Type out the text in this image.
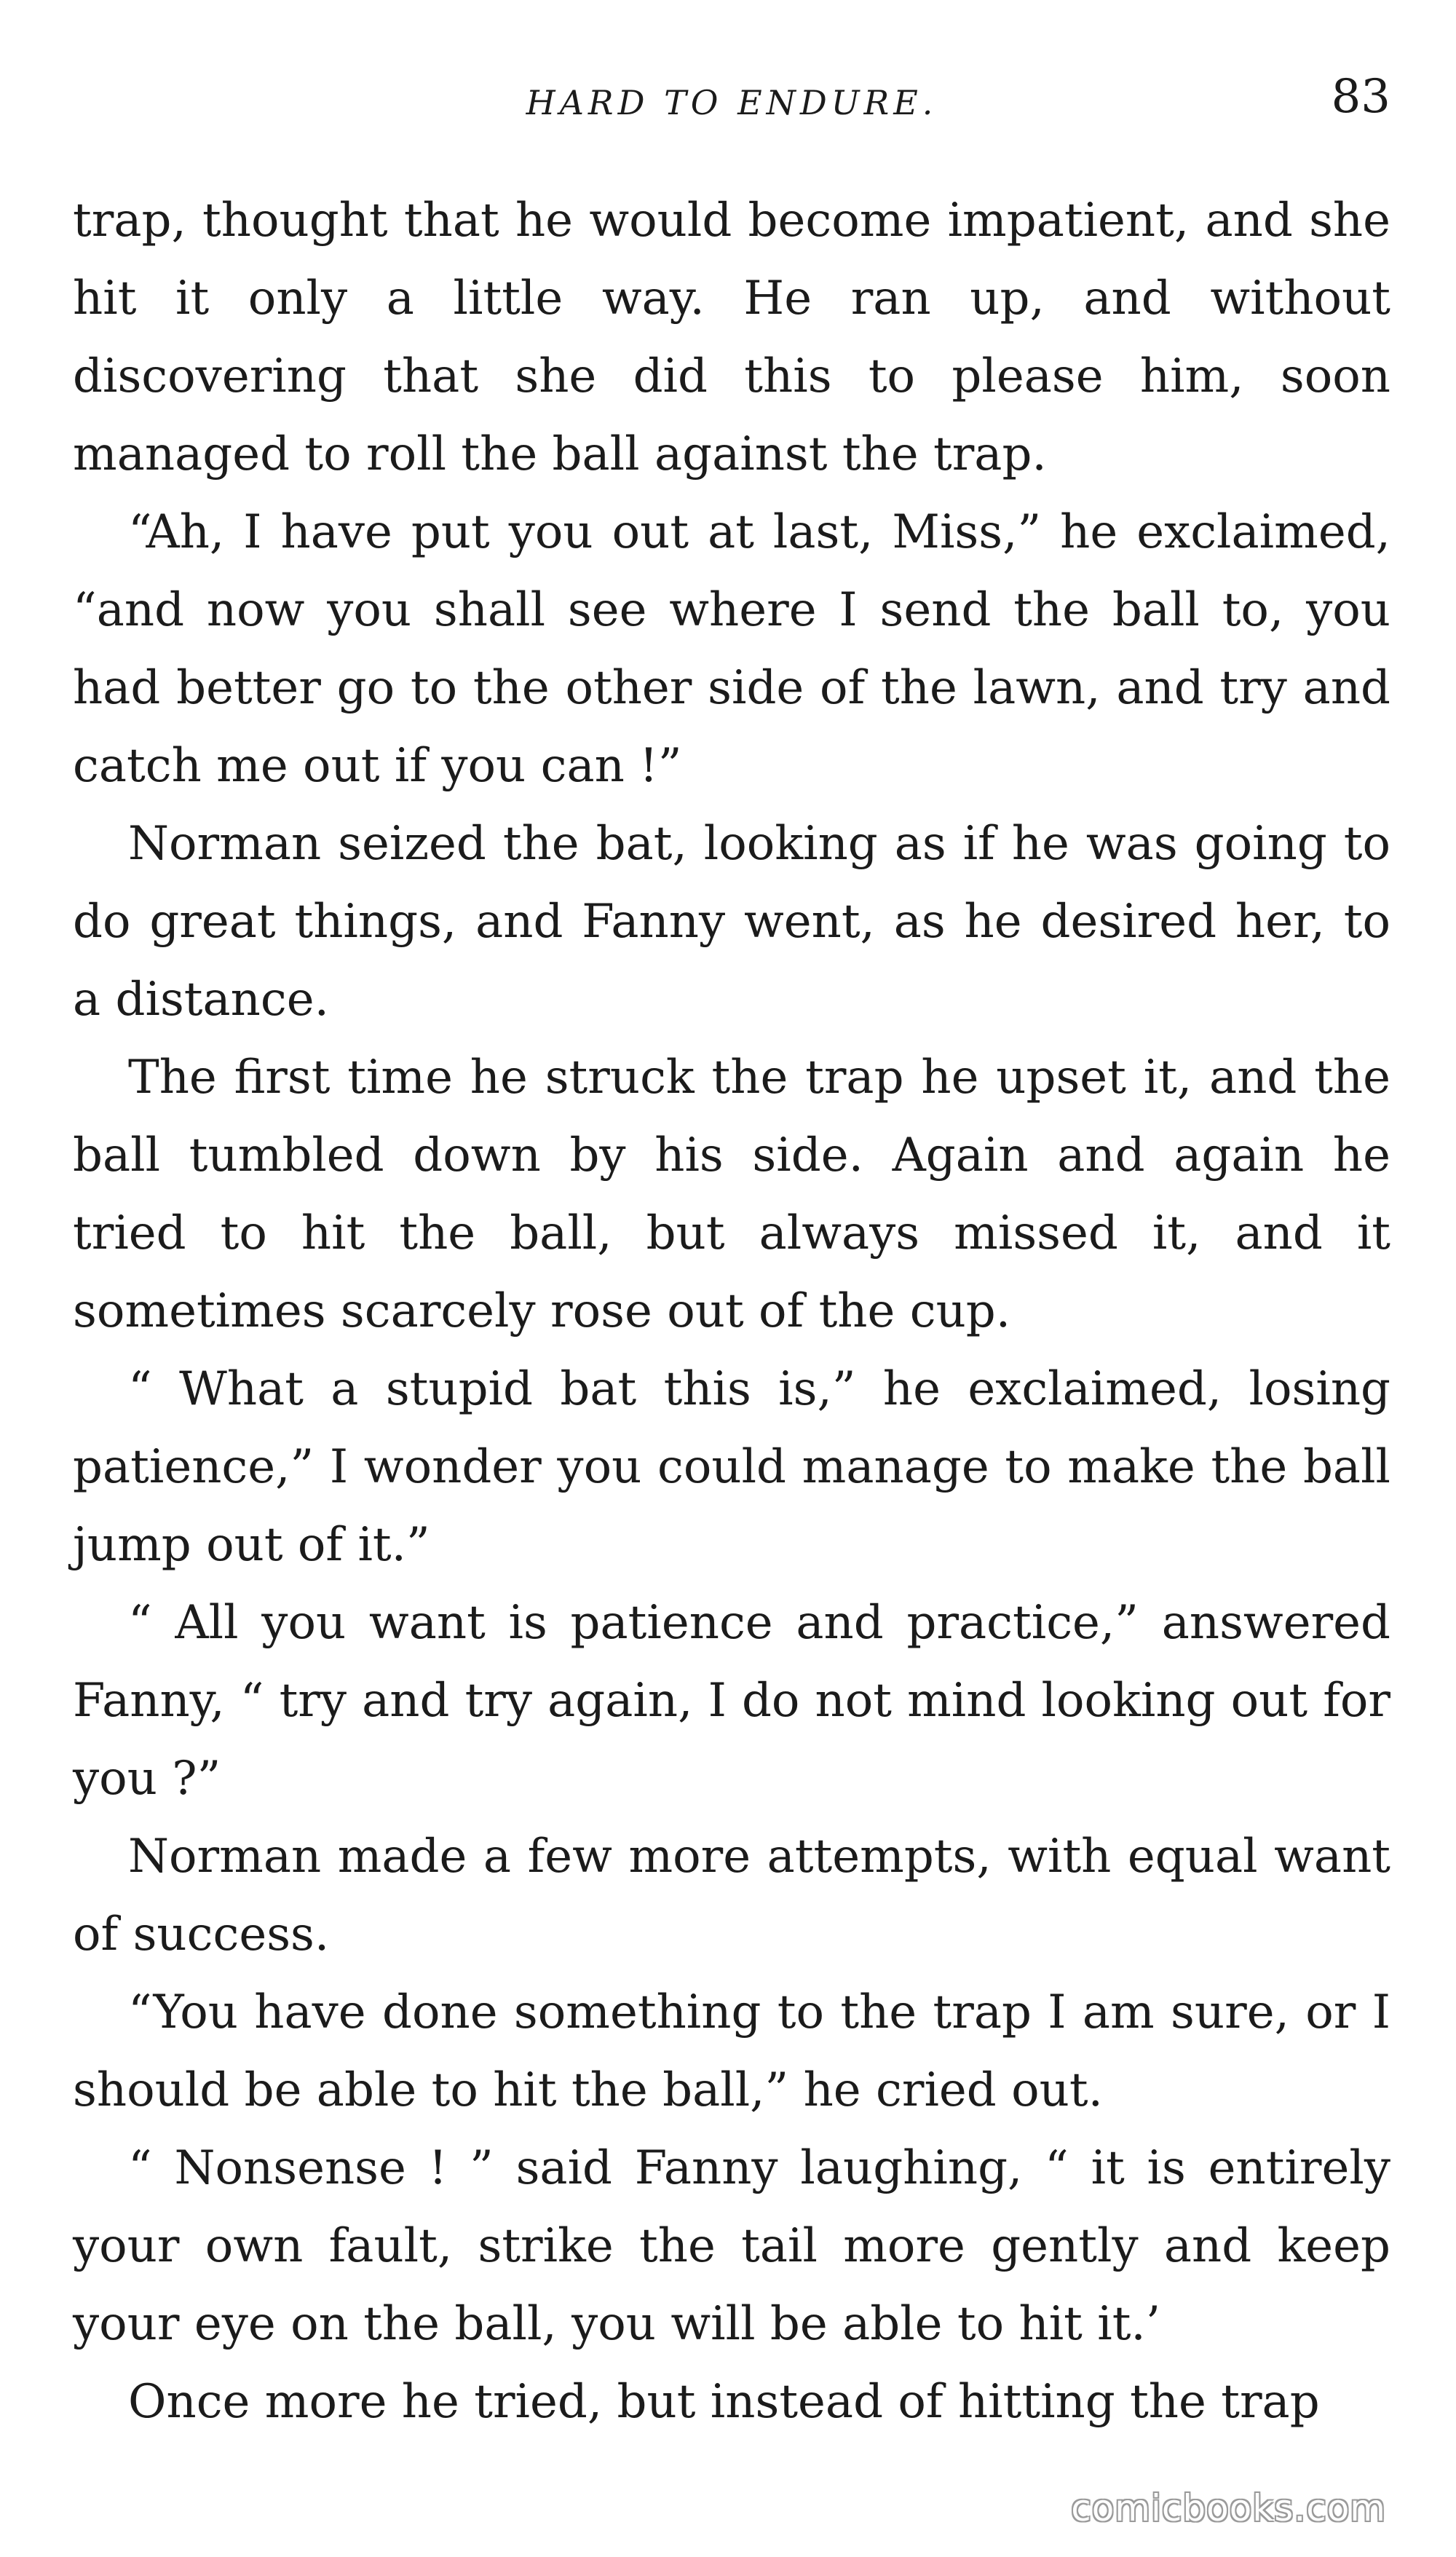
HARD TO ENDURE.	83

trap, thought that he would become impatient, and she hit it only a little way. He ran up, and without discovering that she did this to please him, soon managed to roll the ball against the trap.

“Ah, I have put you out at last, Miss,” he exclaimed, “and now you shall see where I send the ball to, you had better go to the other side of the lawn, and try and catch me out if you can !”

Norman seized the bat, looking as if he was going to do great things, and Fanny went, as he desired her, to a distance.

The first time he struck the trap he upset it, and the ball tumbled down by his side. Again and again he tried to hit the ball, but always missed it, and it sometimes scarcely rose out of the cup.

“ What a stupid bat this is,” he exclaimed, losing patience,” I wonder you could manage to make the ball jump out of it.”

“ All you want is patience and practice,” answered Fanny, “ try and try again, I do not mind looking out for you ?”

Norman made a few more attempts, with equal want of success.

“You have done something to the trap I am sure, or I should be able to hit the ball,” he cried out.

“ Nonsense ! ” said Fanny laughing, “ it is entirely your own fault, strike the tail more gently and keep your eye on the ball, you will be able to hit it.’

Once more he tried, but instead of hitting the trap

comicbooks.com
